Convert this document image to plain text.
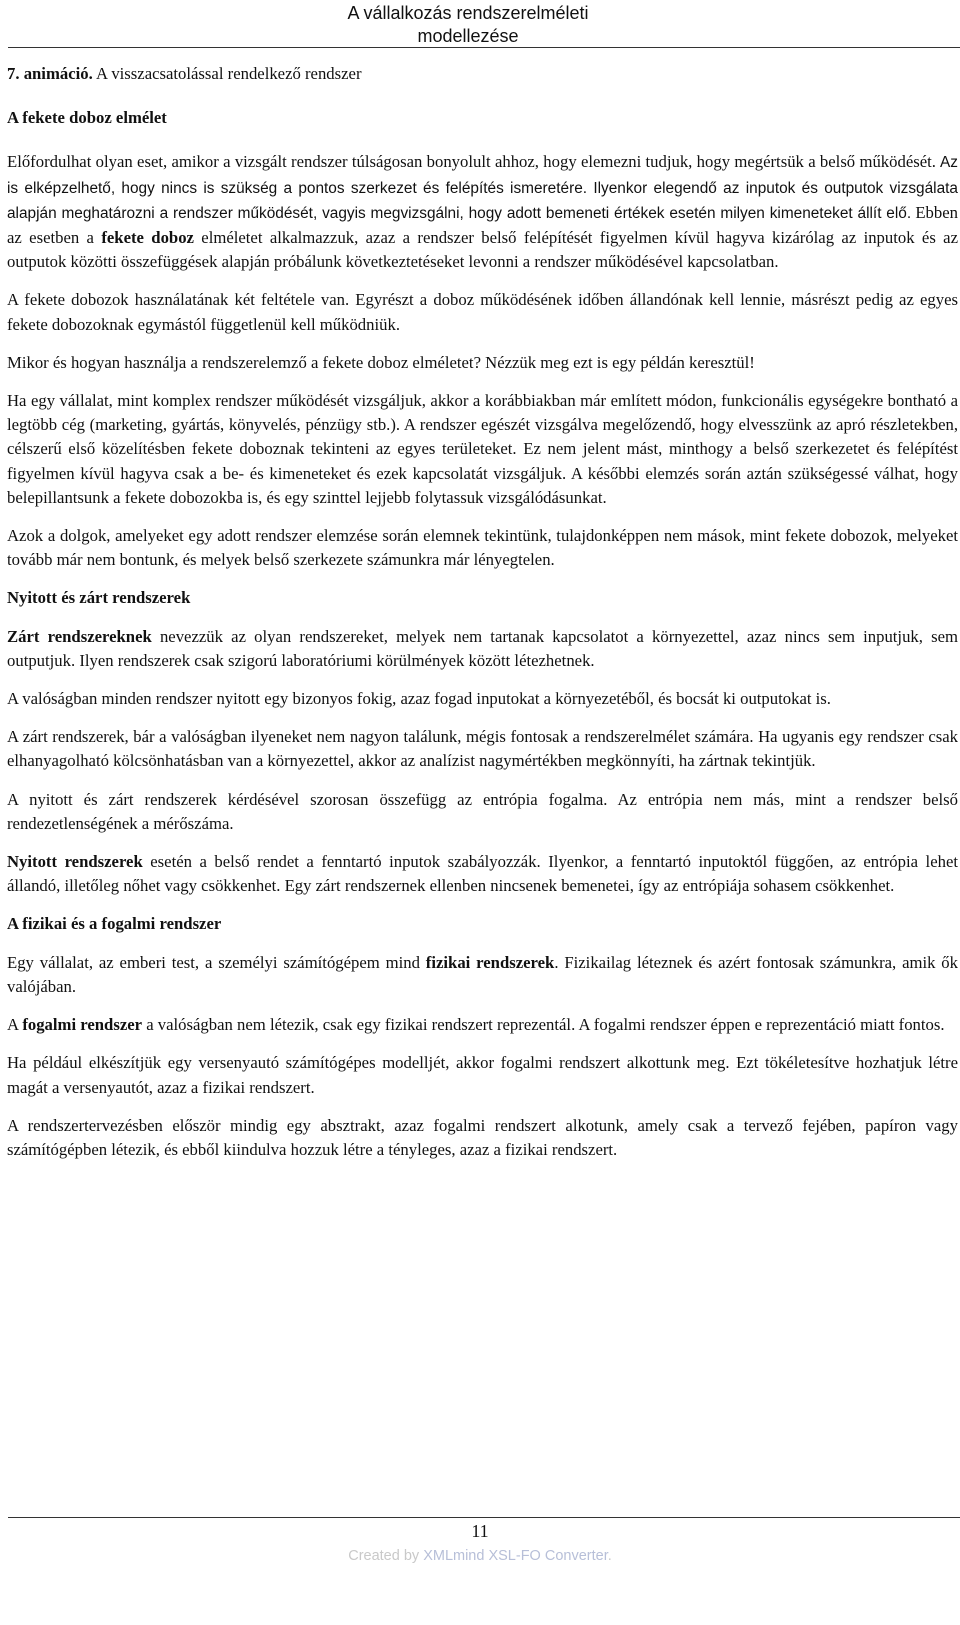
A vállalkozás rendszerelméleti modellezése

7. animáció. A visszacsatolással rendelkező rendszer

A fekete doboz elmélet

Előfordulhat olyan eset, amikor a vizsgált rendszer túlságosan bonyolult ahhoz, hogy elemezni tudjuk, hogy megértsük a belső működését. Az is elképzelhető, hogy nincs is szükség a pontos szerkezet és felépítés ismeretére. Ilyenkor elegendő az inputok és outputok vizsgálata alapján meghatározni a rendszer működését, vagyis megvizsgálni, hogy adott bemeneti értékek esetén milyen kimeneteket állít elő. Ebben az esetben a fekete doboz elméletet alkalmazzuk, azaz a rendszer belső felépítését figyelmen kívül hagyva kizárólag az inputok és az outputok közötti összefüggések alapján próbálunk következtetéseket levonni a rendszer működésével kapcsolatban.

A fekete dobozok használatának két feltétele van. Egyrészt a doboz működésének időben állandónak kell lennie, másrészt pedig az egyes fekete dobozoknak egymástól függetlenül kell működniük.

Mikor és hogyan használja a rendszerelemző a fekete doboz elméletet? Nézzük meg ezt is egy példán keresztül!

Ha egy vállalat, mint komplex rendszer működését vizsgáljuk, akkor a korábbiakban már említett módon, funkcionális egységekre bontható a legtöbb cég (marketing, gyártás, könyvelés, pénzügy stb.). A rendszer egészét vizsgálva megelőzendő, hogy elvesszünk az apró részletekben, célszerű első közelítésben fekete doboznak tekinteni az egyes területeket. Ez nem jelent mást, minthogy a belső szerkezetet és felépítést figyelmen kívül hagyva csak a be- és kimeneteket és ezek kapcsolatát vizsgáljuk. A későbbi elemzés során aztán szükségessé válhat, hogy belepillantsunk a fekete dobozokba is, és egy szinttel lejjebb folytassuk vizsgálódásunkat.

Azok a dolgok, amelyeket egy adott rendszer elemzése során elemnek tekintünk, tulajdonképpen nem mások, mint fekete dobozok, melyeket tovább már nem bontunk, és melyek belső szerkezete számunkra már lényegtelen.

Nyitott és zárt rendszerek

Zárt rendszereknek nevezzük az olyan rendszereket, melyek nem tartanak kapcsolatot a környezettel, azaz nincs sem inputjuk, sem outputjuk. Ilyen rendszerek csak szigorú laboratóriumi körülmények között létezhetnek.

A valóságban minden rendszer nyitott egy bizonyos fokig, azaz fogad inputokat a környezetéből, és bocsát ki outputokat is.

A zárt rendszerek, bár a valóságban ilyeneket nem nagyon találunk, mégis fontosak a rendszerelmélet számára. Ha ugyanis egy rendszer csak elhanyagolható kölcsönhatásban van a környezettel, akkor az analízist nagymértékben megkönnyíti, ha zártnak tekintjük.

A nyitott és zárt rendszerek kérdésével szorosan összefügg az entrópia fogalma. Az entrópia nem más, mint a rendszer belső rendezetlenségének a mérőszáma.

Nyitott rendszerek esetén a belső rendet a fenntartó inputok szabályozzák. Ilyenkor, a fenntartó inputoktól függően, az entrópia lehet állandó, illetőleg nőhet vagy csökkenhet. Egy zárt rendszernek ellenben nincsenek bemenetei, így az entrópiája sohasem csökkenhet.

A fizikai és a fogalmi rendszer

Egy vállalat, az emberi test, a személyi számítógépem mind fizikai rendszerek. Fizikailag léteznek és azért fontosak számunkra, amik ők valójában.

A fogalmi rendszer a valóságban nem létezik, csak egy fizikai rendszert reprezentál. A fogalmi rendszer éppen e reprezentáció miatt fontos.

Ha például elkészítjük egy versenyautó számítógépes modelljét, akkor fogalmi rendszert alkottunk meg. Ezt tökéletesítve hozhatjuk létre magát a versenyautót, azaz a fizikai rendszert.

A rendszertervezésben először mindig egy absztrakt, azaz fogalmi rendszert alkotunk, amely csak a tervező fejében, papíron vagy számítógépben létezik, és ebből kiindulva hozzuk létre a tényleges, azaz a fizikai rendszert.

11
Created by XMLmind XSL-FO Converter.
